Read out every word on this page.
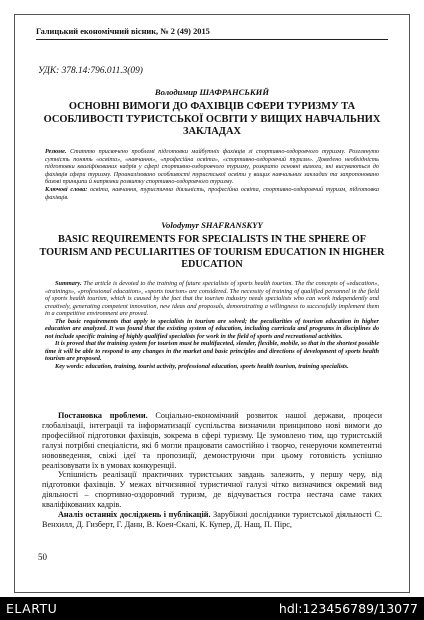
Галицький економічний вісник, № 2 (49) 2015
УДК: 378.14:796.011.3(09)
Володимир ШАФРАНСЬКИЙ
ОСНОВНІ ВИМОГИ ДО ФАХІВЦІВ СФЕРИ ТУРИЗМУ ТА ОСОБЛИВОСТІ ТУРИСТСЬКОЇ ОСВІТИ У ВИЩИХ НАВЧАЛЬНИХ ЗАКЛАДАХ
Резюме. Статтю присвячено проблемі підготовки майбутніх фахівців зі спортивно-оздоровчого туризму. Розглянуто сутність понять «освіта», «навчання», «професійна освіта», «спортивно-оздоровчий туризм». Доведено необхідність підготовки кваліфікованих кадрів у сфері спортивно-оздоровчого туризму, розкрито основні вимоги, які висуваються до фахівців сфери туризму. Проаналізовано особливості туристської освіти у вищих навчальних закладах та запропоновано базові принципи й напрямки розвитку спортивно-оздоровчого туризму.
Ключові слова: освіта, навчання, туристична діяльність, професійна освіта, спортивно-оздоровчий туризм, підготовка фахівців.
Volodymyr SHAFRANSKYY
BASIC REQUIREMENTS FOR SPECIALISTS IN THE SPHERE OF TOURISM AND PECULIARITIES OF TOURISM EDUCATION IN HIGHER EDUCATION

Summary. The article is devoted to the training of future specialists of sports health tourism. The the concepts of «education», «trainings», «professional education», «sports tourism» are considered. The necessity of training of qualified personnel in the field of sports health tourism, which is caused by the fact that the tourism industry needs specialists who can work independently and creatively, generating competent innovation, new ideas and proposals, demonstrating a willingness to successfully implement them in a competitive environment are proved.

The basic requirements that apply to specialists in tourism are solved; the peculiarities of tourism education in higher education are analyzed. It was found that the existing system of education, including curricula and programs in disciplines do not include specific training of highly qualified specialists for work in the field of sports and recreational activities.

It is proved that the training system for tourism must be multifaceted, slender, flexible, mobile, so that in the shortest possible time it will be able to respond to any changes in the market and basic principles and directions of development of sports health tourism are proposed.

Key words: education, training, tourist activity, professional education, sports health tourism, training specialists.

Постановка проблеми. Соціально-економічний розвиток нашої держави, процеси глобалізації, інтеграції та інформатизації суспільства визначили принципово нові вимоги до професійної підготовки фахівців, зокрема в сфері туризму. Це зумовлено тим, що туристській галузі потрібні спеціалісти, які б могли працювати самостійно і творчо, генеруючи компетентні нововведення, свіжі ідеї та пропозиції, демонструючи при цьому готовність успішно реалізовувати їх в умовах конкуренції.

Успішність реалізації практичних туристських завдань залежить, у першу черу, від підготовки фахівців. У межах вітчизняної туристичної галузі чітко визначився окремий вид діяльності – спортивно-оздоровчий туризм, де відчувається гостра нестача саме таких кваліфікованих кадрів.

Аналіз останніх досліджень і публікацій. Зарубіжні дослідники туристської діяльності С. Венхилл, Д. Гизберт, Г. Данн, В. Коен-Скалі, К. Купер, Д. Нащ, П. Пірс,

50
ELARTU	hdl:123456789/13077
